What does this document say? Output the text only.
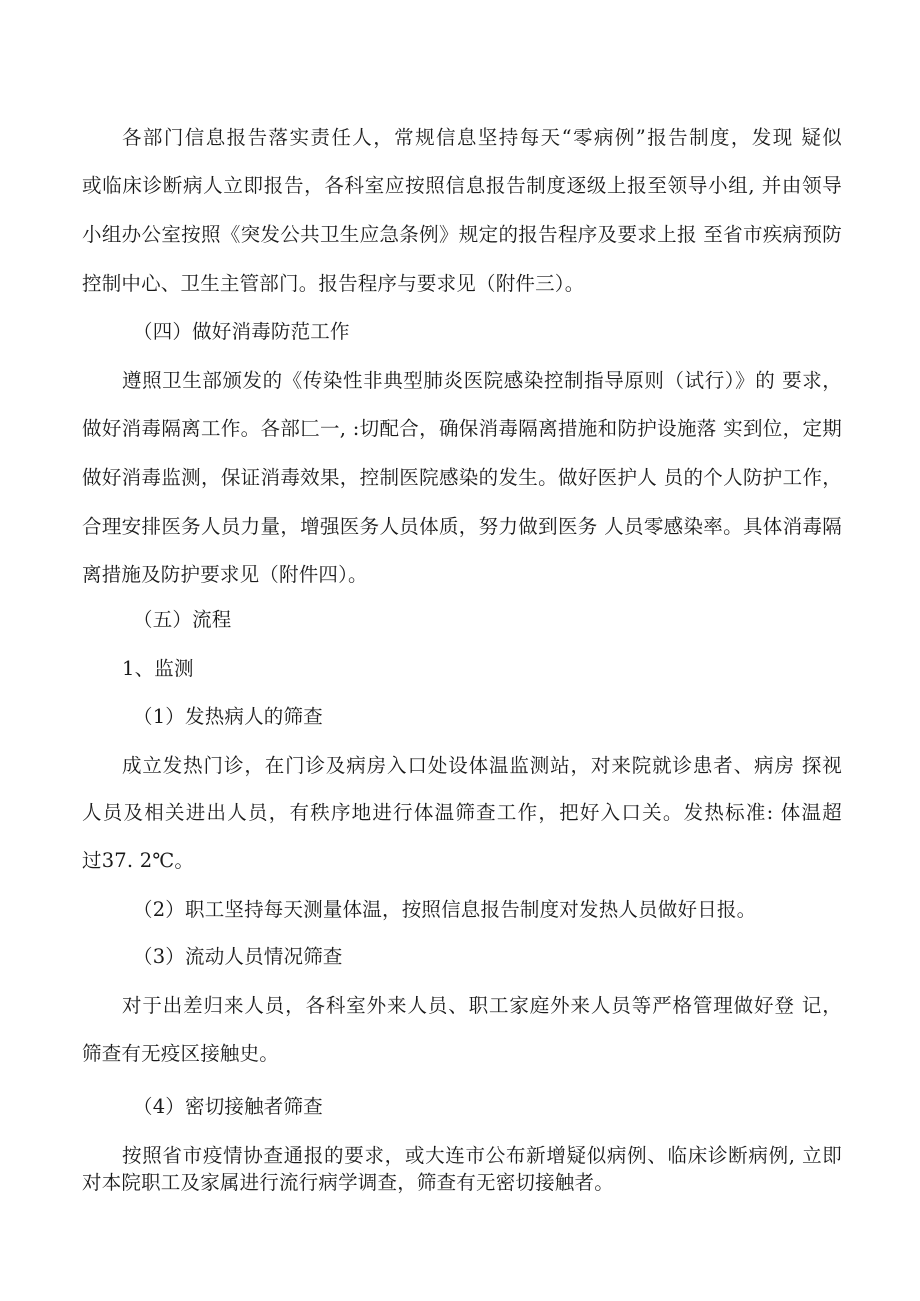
各部门信息报告落实责任人，常规信息坚持每天“零病例”报告制度，发现 疑似
或临床诊断病人立即报告，各科室应按照信息报告制度逐级上报至领导小组, 并由领导
小组办公室按照《突发公共卫生应急条例》规定的报告程序及要求上报 至省市疾病预防
控制中心、卫生主管部门。报告程序与要求见（附件三）。
（四）做好消毒防范工作
遵照卫生部颁发的《传染性非典型肺炎医院感染控制指导原则（试行）》的 要求，
做好消毒隔离工作。各部匚一, :切配合，确保消毒隔离措施和防护设施落 实到位，定期
做好消毒监测，保证消毒效果，控制医院感染的发生。做好医护人 员的个人防护工作，
合理安排医务人员力量，增强医务人员体质，努力做到医务 人员零感染率。具体消毒隔
离措施及防护要求见（附件四）。
（五）流程
1、监测
（1）发热病人的筛查
成立发热门诊，在门诊及病房入口处设体温监测站，对来院就诊患者、病房 探视
人员及相关进出人员，有秩序地进行体温筛查工作，把好入口关。发热标准: 体温超
过37. 2℃。
（2）职工坚持每天测量体温，按照信息报告制度对发热人员做好日报。
（3）流动人员情况筛查
对于出差归来人员，各科室外来人员、职工家庭外来人员等严格管理做好登 记，
筛查有无疫区接触史。
（4）密切接触者筛查
按照省市疫情协查通报的要求，或大连市公布新增疑似病例、临床诊断病例, 立即
对本院职工及家属进行流行病学调查，筛查有无密切接触者。
